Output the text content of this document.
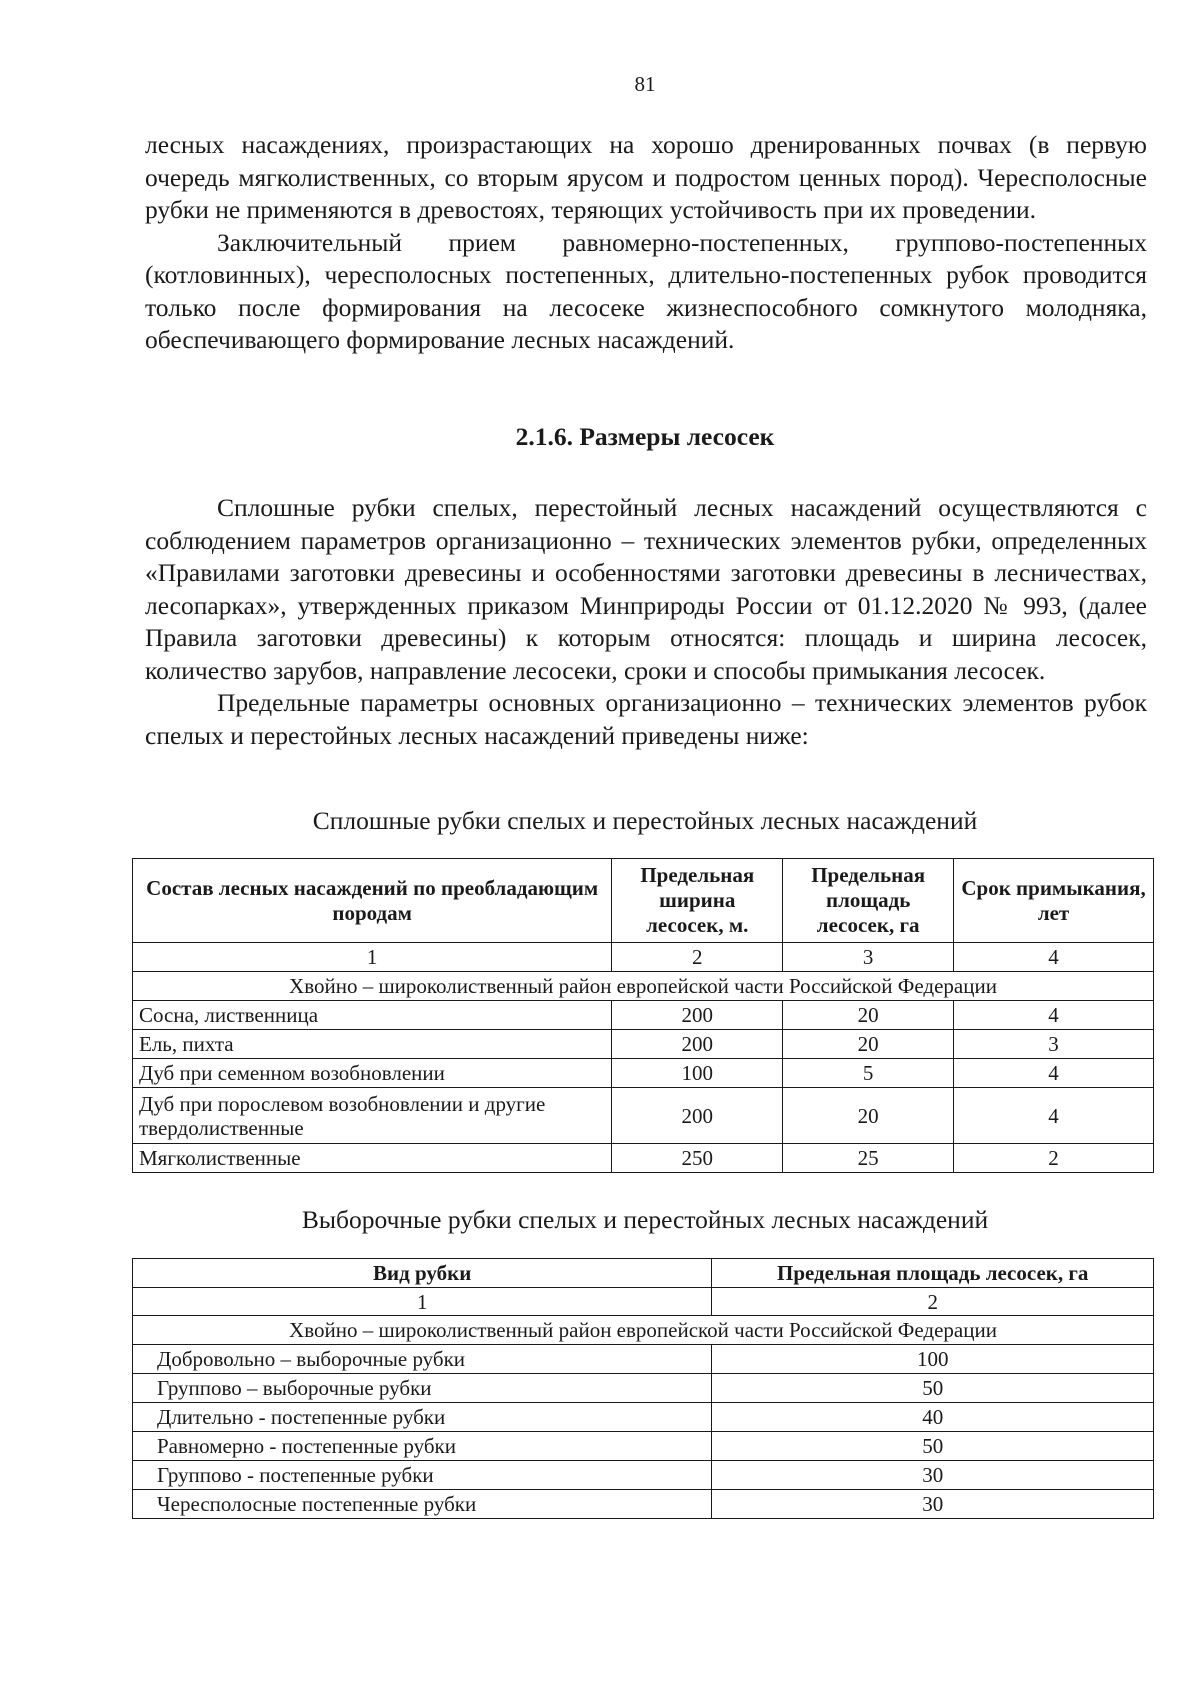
81

лесных насаждениях, произрастающих на хорошо дренированных почвах (в первую очередь мягколиственных, со вторым ярусом и подростом ценных пород). Чересполосные рубки не применяются в древостоях, теряющих устойчивость при их проведении.

Заключительный прием равномерно-постепенных, группово-постепенных (котловинных), чересполосных постепенных, длительно-постепенных рубок проводится только после формирования на лесосеке жизнеспособного сомкнутого молодняка, обеспечивающего формирование лесных насаждений.

2.1.6. Размеры лесосек

Сплошные рубки спелых, перестойный лесных насаждений осуществляются с соблюдением параметров организационно – технических элементов рубки, определенных «Правилами заготовки древесины и особенностями заготовки древесины в лесничествах, лесопарках», утвержденных приказом Минприроды России от 01.12.2020 № 993, (далее Правила заготовки древесины) к которым относятся: площадь и ширина лесосек, количество зарубов, направление лесосеки, сроки и способы примыкания лесосек.

Предельные параметры основных организационно – технических элементов рубок спелых и перестойных лесных насаждений приведены ниже:

Сплошные рубки спелых и перестойных лесных насаждений
Состав лесных насаждений по преобладающим породам	Предельная ширина лесосек, м.	Предельная площадь лесосек, га	Срок примыкания, лет
1	2	3	4
Хвойно – широколиственный район европейской части Российской Федерации			
Сосна, лиственница	200	20	4
Ель, пихта	200	20	3
Дуб при семенном возобновлении	100	5	4
Дуб при порослевом возобновлении и другие твердолиственные	200	20	4
Мягколиственные	250	25	2
Выборочные рубки спелых и перестойных лесных насаждений
Вид рубки	Предельная площадь лесосек, га
1	2
Хвойно – широколиственный район европейской части Российской Федерации	
Добровольно – выборочные рубки	100
Группово – выборочные рубки	50
Длительно - постепенные рубки	40
Равномерно - постепенные рубки	50
Группово - постепенные рубки	30
Чересполосные постепенные рубки	30
